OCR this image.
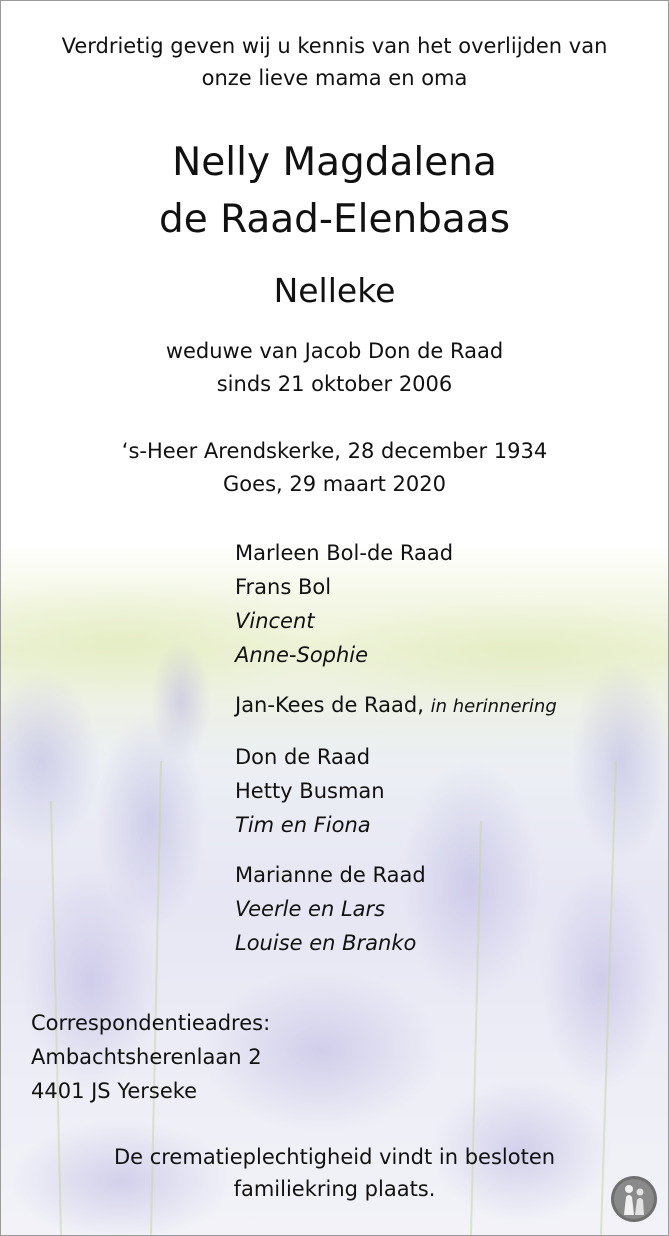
Verdrietig geven wij u kennis van het overlijden van
onze lieve mama en oma
Nelly Magdalena
de Raad-Elenbaas
Nelleke
weduwe van Jacob Don de Raad
sinds 21 oktober 2006
‘s-Heer Arendskerke, 28 december 1934
Goes, 29 maart 2020
Marleen Bol-de Raad
Frans Bol
Vincent
Anne-Sophie
Jan-Kees de Raad, in herinnering
Don de Raad
Hetty Busman
Tim en Fiona
Marianne de Raad
Veerle en Lars
Louise en Branko
Correspondentieadres:
Ambachtsherenlaan 2
4401 JS Yerseke
De crematieplechtigheid vindt in besloten
familiekring plaats.
